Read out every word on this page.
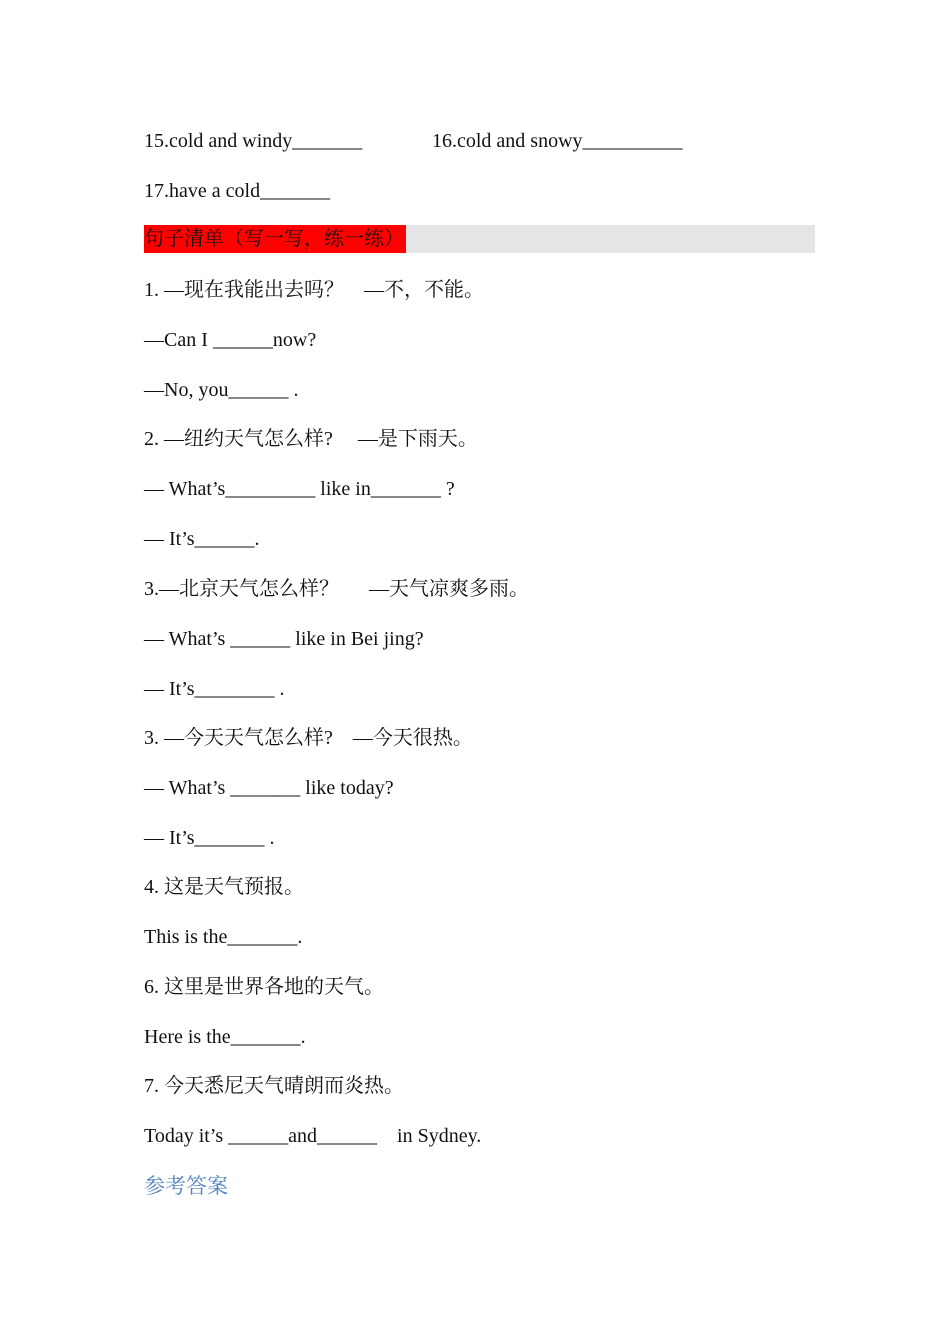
15.cold and windy_______	16.cold and snowy__________
17.have a cold_______
句子清单（写一写，练一练）
1. —现在我能出去吗？    —不，不能。
—Can I ______now?
—No, you______ .
2. —纽约天气怎么样?     —是下雨天。
— What’s_________ like in_______ ?
— It’s______.
3.—北京天气怎么样？      —天气凉爽多雨。
— What’s ______ like in Bei jing?
— It’s________ .
3. —今天天气怎么样?    —今天很热。
— What’s _______ like today?
— It’s_______ .
4. 这是天气预报。
This is the_______.
6. 这里是世界各地的天气。
Here is the_______.
7. 今天悉尼天气晴朗而炎热。
Today it’s ______and______    in Sydney.
参考答案
